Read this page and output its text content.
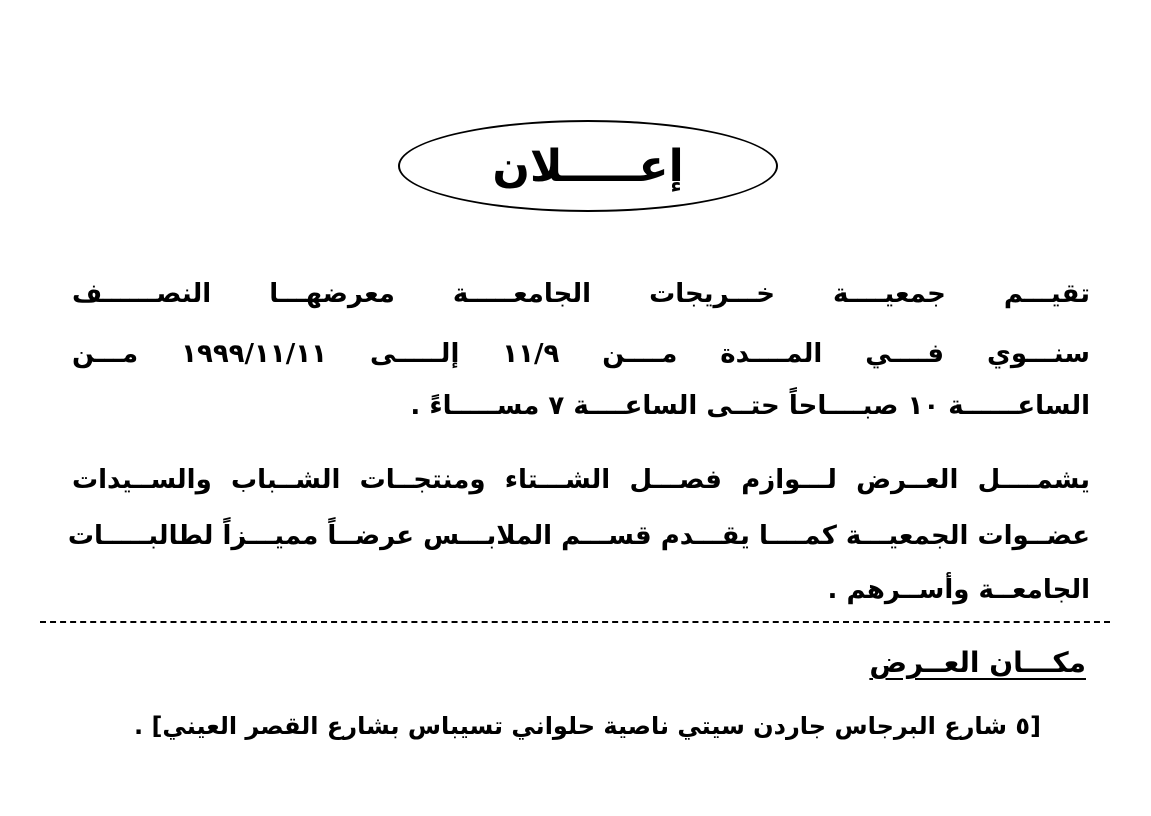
إعـــــلان
تقيـــم جمعيــــة خـــريجات الجامعـــــة معرضهـــا النصــــــف
سنـــوي فــــي المــــدة مــــن ١١/٩ إلـــــى ١٩٩٩/١١/١١ مـــن
الساعــــــة ١٠ صبــــاحاً حتــى الساعــــة ٧ مســـــاءً .
يشمــــل العــرض لـــوازم فصـــل الشـــتاء ومنتجــات الشــباب والســيدات
عضــوات الجمعيـــة كمــــا يقـــدم قســـم الملابـــس عرضــاً مميـــزاً لطالبـــــات
الجامعــة وأســرهم .
مكـــان العــرض
[٥ شارع البرجاس جاردن سيتي ناصية حلواني تسيباس بشارع القصر العيني] .
